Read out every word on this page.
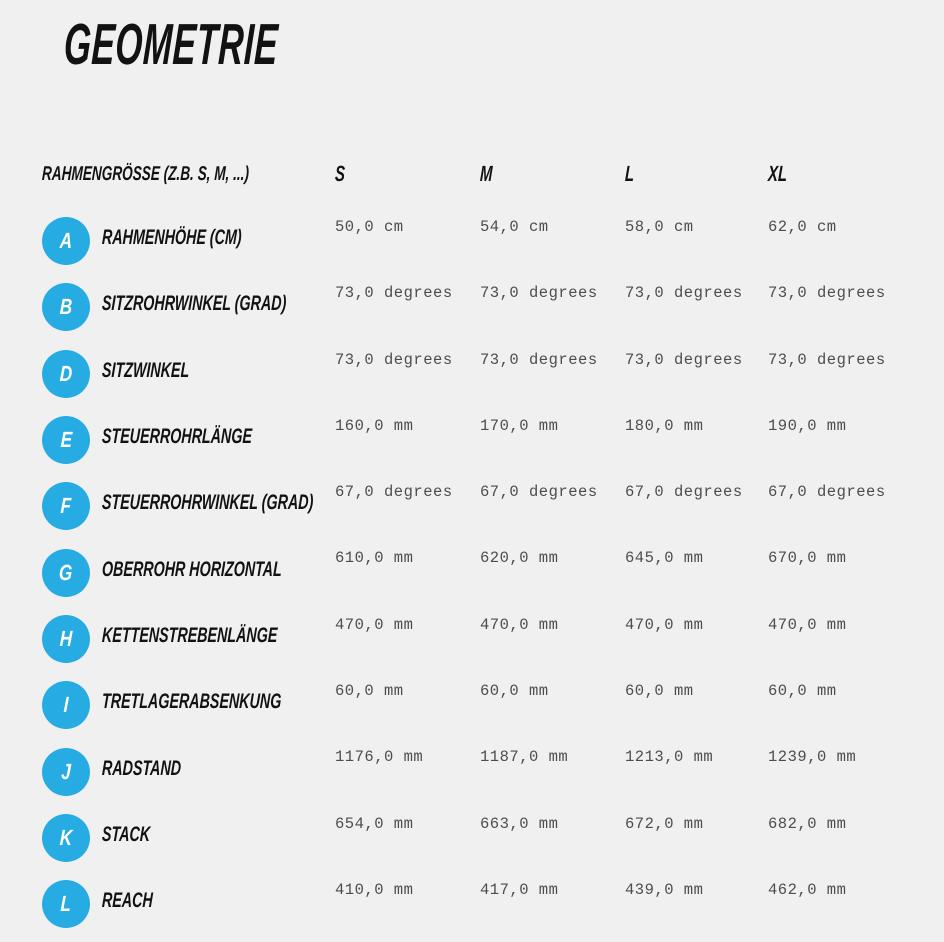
GEOMETRIE
RAHMENGRÖSSE (Z.B. S, M, ...)	S	M	L	XL
A RAHMENHÖHE (CM)	50,0 cm	54,0 cm	58,0 cm	62,0 cm
B SITZROHRWINKEL (GRAD)	73,0 degrees	73,0 degrees	73,0 degrees	73,0 degrees
D SITZWINKEL	73,0 degrees	73,0 degrees	73,0 degrees	73,0 degrees
E STEUERROHRLÄNGE	160,0 mm	170,0 mm	180,0 mm	190,0 mm
F STEUERROHRWINKEL (GRAD) 67,0 degrees	67,0 degrees	67,0 degrees	67,0 degrees
G OBERROHR HORIZONTAL	610,0 mm	620,0 mm	645,0 mm	670,0 mm
H KETTENSTREBENLÄNGE	470,0 mm	470,0 mm	470,0 mm	470,0 mm
I TRETLAGERABSENKUNG	60,0 mm	60,0 mm	60,0 mm	60,0 mm
J RADSTAND	1176,0 mm	1187,0 mm	1213,0 mm	1239,0 mm
K STACK	654,0 mm	663,0 mm	672,0 mm	682,0 mm
L REACH	410,0 mm	417,0 mm	439,0 mm	462,0 mm
